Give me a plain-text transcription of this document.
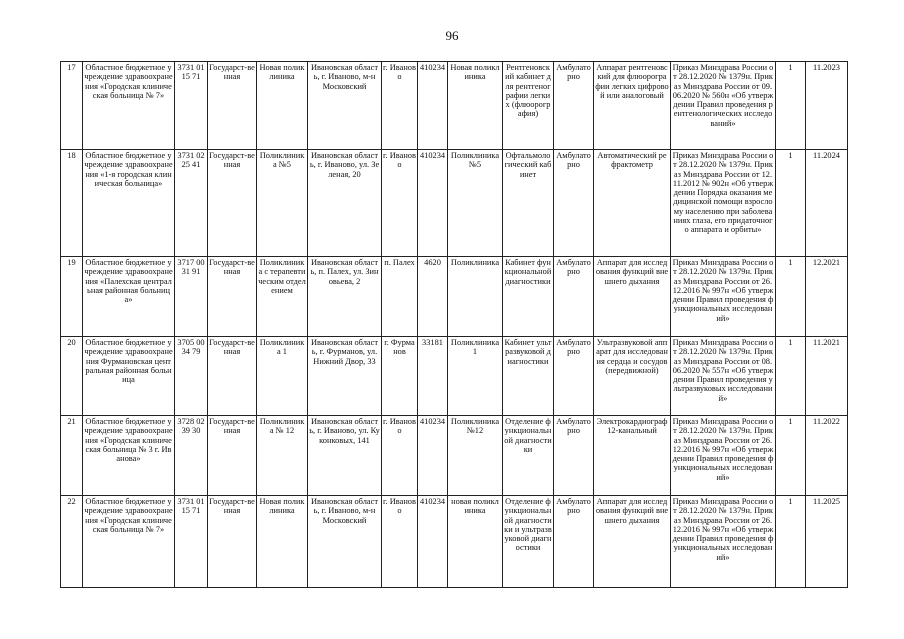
96
17	Областное бюджетное учреждение здравоохранения «Городская клиническая больница № 7»	3731 0115 71	Государст-венная	Новая поликлиника	Ивановская область, г. Иваново, м-н Московский	г. Иваново	410234	Новая поликлиника	Рентгеновский кабинет для рентгенографии легких (флюорография)	Амбулаторно	Аппарат рентгеновский для флюорографии легких цифровой или аналоговый	Приказ Минздрава России от 28.12.2020 № 1379н. Приказ Минздрава России от 09.06.2020 № 560н «Об утверждении Правил проведения рентгенологических исследований»	1	11.2023
18	Областное бюджетное учреждение здравоохранения «1-я городская клиническая больница»	3731 0225 41	Государст-венная	Поликлиника №5	Ивановская область, г. Иваново, ул. Зеленая, 20	г. Иваново	410234	Поликлиника №5	Офтальмологический кабинет	Амбулаторно	Автоматический рефрактометр	Приказ Минздрава России от 28.12.2020 № 1379н. Приказ Минздрава России от 12.11.2012 № 902н «Об утверждении Порядка оказания медицинской помощи взрослому населению при заболеваниях глаза, его придаточного аппарата и орбиты»	1	11.2024
19	Областное бюджетное учреждение здравоохранения «Палехская центральная районная больница»	3717 0031 91	Государст-венная	Поликлиника с терапевтическим отделением	Ивановская область, п. Палех, ул. Зиновьева, 2	п. Палех	4620	Поликлиника	Кабинет функциональной диагностики	Амбулаторно	Аппарат для исследования функций внешнего дыхания	Приказ Минздрава России от 28.12.2020 № 1379н. Приказ Минздрава России от 26.12.2016 № 997н «Об утверждении Правил проведения функциональных исследований»	1	12.2021
20	Областное бюджетное учреждение здравоохранения Фурмановская центральная районная больница	3705 0034 79	Государст-венная	Поликлиника 1	Ивановская область, г. Фурманов, ул. Нижний Двор, 33	г. Фурманов	33181	Поликлиника 1	Кабинет ультразвуковой диагностики	Амбулаторно	Ультразвуковой аппарат для исследования сердца и сосудов (передвижной)	Приказ Минздрава России от 28.12.2020 № 1379н. Приказ Минздрава России от 08.06.2020 № 557н «Об утверждении Правил проведения ультразвуковых исследований»	1	11.2021
21	Областное бюджетное учреждение здравоохранения «Городская клиническая больница № 3 г. Иванова»	3728 0239 30	Государст-венная	Поликлиника № 12	Ивановская область, г. Иваново, ул. Куконковых, 141	г. Иваново	410234	Поликлиника №12	Отделение функциональной диагностики	Амбулаторно	Электрокардиограф 12-канальный	Приказ Минздрава России от 28.12.2020 № 1379н. Приказ Минздрава России от 26.12.2016 № 997н «Об утверждении Правил проведения функциональных исследований»	1	11.2022
22	Областное бюджетное учреждение здравоохранения «Городская клиническая больница № 7»	3731 0115 71	Государст-венная	Новая поликлиника	Ивановская область, г. Иваново, м-н Московский	г. Иваново	410234	новая поликлиника	Отделение функциональной диагностики и ультразвуковой диагностики	Амбулаторно	Аппарат для исследования функций внешнего дыхания	Приказ Минздрава России от 28.12.2020 № 1379н. Приказ Минздрава России от 26.12.2016 № 997н «Об утверждении Правил проведения функциональных исследований»	1	11.2025
